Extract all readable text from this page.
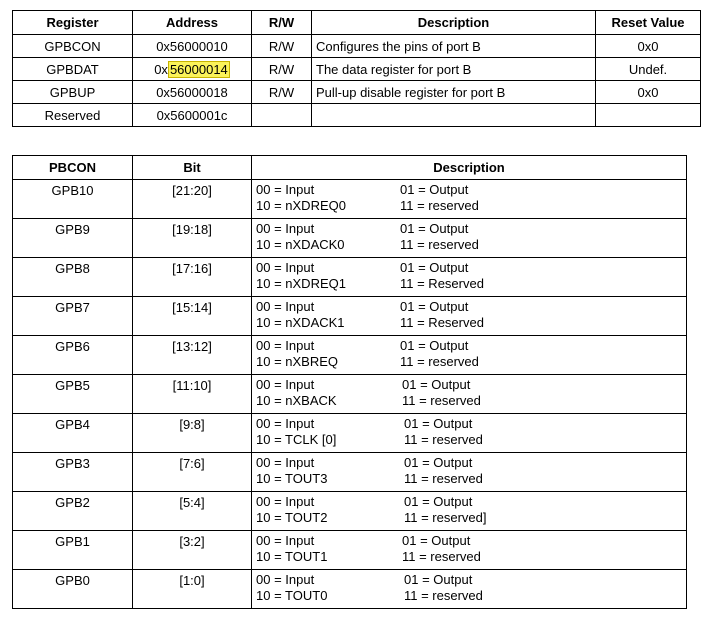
Register	Address	R/W	Description	Reset Value
GPBCON	0x56000010	R/W	Configures the pins of port B	0x0
GPBDAT	0x 56000014	R/W	The data register for port B	Undef.
GPBUP	0x56000018	R/W	Pull-up disable register for port B	0x0
Reserved	0x5600001c			
PBCON	Bit	Description
GPB10	[21:20]	00 = Input 01 = Output
10 = nXDREQ0 11 = reserved

GPB9	[19:18]	00 = Input 01 = Output
10 = nXDACK0 11 = reserved

GPB8	[17:16]	00 = Input 01 = Output
10 = nXDREQ1 11 = Reserved

GPB7	[15:14]	00 = Input 01 = Output
10 = nXDACK1 11 = Reserved

GPB6	[13:12]	00 = Input 01 = Output
10 = nXBREQ 11 = reserved

GPB5	[11:10]	00 = Input 01 = Output
10 = nXBACK 11 = reserved

GPB4	[9:8]	00 = Input 01 = Output
10 = TCLK [0] 11 = reserved

GPB3	[7:6]	00 = Input 01 = Output
10 = TOUT3 11 = reserved

GPB2	[5:4]	00 = Input 01 = Output
10 = TOUT2 11 = reserved]

GPB1	[3:2]	00 = Input 01 = Output
10 = TOUT1 11 = reserved

GPB0	[1:0]	00 = Input 01 = Output
10 = TOUT0 11 = reserved
